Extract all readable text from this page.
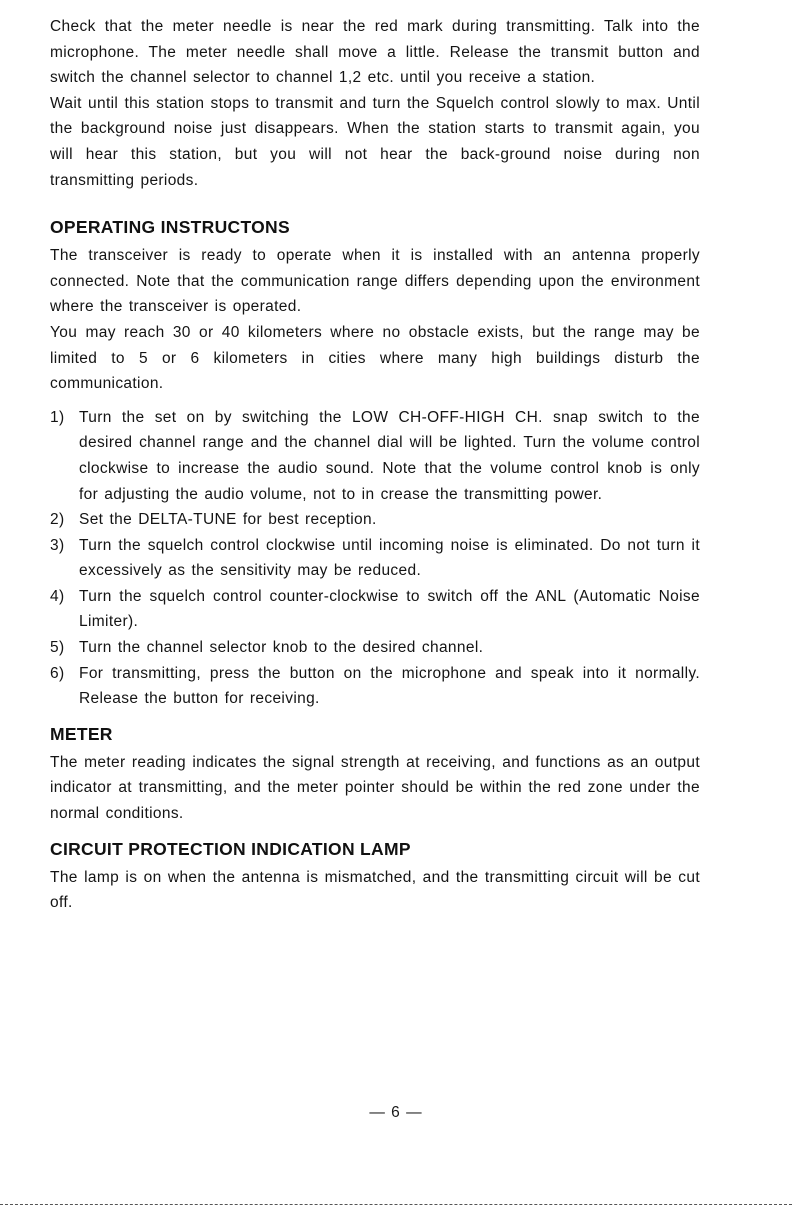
Check that the meter needle is near the red mark during transmitting. Talk into the microphone. The meter needle shall move a little. Release the transmit button and switch the channel selector to channel 1,2 etc. until you receive a station.

Wait until this station stops to transmit and turn the Squelch control slowly to max. Until the background noise just disappears. When the station starts to transmit again, you will hear this station, but you will not hear the back-ground noise during non transmitting periods.

OPERATING INSTRUCTONS

The transceiver is ready to operate when it is installed with an antenna properly connected. Note that the communication range differs depending upon the environment where the transceiver is operated.

You may reach 30 or 40 kilometers where no obstacle exists, but the range may be limited to 5 or 6 kilometers in cities where many high buildings disturb the communication.

1) Turn the set on by switching the LOW CH-OFF-HIGH CH. snap switch to the desired channel range and the channel dial will be lighted. Turn the volume control clockwise to increase the audio sound. Note that the volume control knob is only for adjusting the audio volume, not to in crease the transmitting power.
2) Set the DELTA-TUNE for best reception.
3) Turn the squelch control clockwise until incoming noise is eliminated. Do not turn it excessively as the sensitivity may be reduced.
4) Turn the squelch control counter-clockwise to switch off the ANL (Automatic Noise Limiter).
5) Turn the channel selector knob to the desired channel.
6) For transmitting, press the button on the microphone and speak into it normally. Release the button for receiving.
METER

The meter reading indicates the signal strength at receiving, and functions as an output indicator at transmitting, and the meter pointer should be within the red zone under the normal conditions.

CIRCUIT PROTECTION INDICATION LAMP

The lamp is on when the antenna is mismatched, and the transmitting circuit will be cut off.

— 6 —
